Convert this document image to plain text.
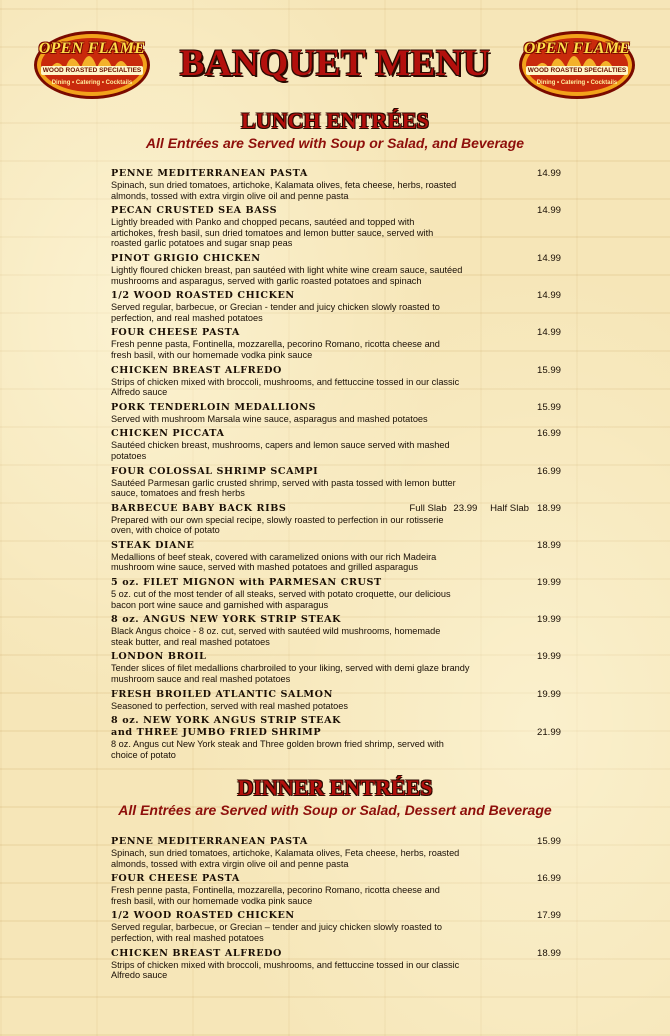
OPEN FLAME
WOOD ROASTED SPECIALTIES
Dining • Catering • Cocktails	BANQUET MENU	OPEN FLAME
WOOD ROASTED SPECIALTIES
Dining • Catering • Cocktails
LUNCH ENTRÉES
All Entrées are Served with Soup or Salad, and Beverage
PENNE MEDITERRANEAN PASTA	14.99
Spinach, sun dried tomatoes, artichoke, Kalamata olives, feta cheese, herbs, roasted almonds, tossed with extra virgin olive oil and penne pasta
PECAN CRUSTED SEA BASS	14.99
Lightly breaded with Panko and chopped pecans, sautéed and topped with artichokes, fresh basil, sun dried tomatoes and lemon butter sauce, served with roasted garlic potatoes and sugar snap peas
PINOT GRIGIO CHICKEN	14.99
Lightly floured chicken breast, pan sautéed with light white wine cream sauce, sautéed mushrooms and asparagus, served with garlic roasted potatoes and spinach
1/2 WOOD ROASTED CHICKEN	14.99
Served regular, barbecue, or Grecian - tender and juicy chicken slowly roasted to perfection, and real mashed potatoes
FOUR CHEESE PASTA	14.99
Fresh penne pasta, Fontinella, mozzarella, pecorino Romano, ricotta cheese and fresh basil, with our homemade vodka pink sauce
CHICKEN BREAST ALFREDO	15.99
Strips of chicken mixed with broccoli, mushrooms, and fettuccine tossed in our classic Alfredo sauce
PORK TENDERLOIN MEDALLIONS	15.99
Served with mushroom Marsala wine sauce, asparagus and mashed potatoes
CHICKEN PICCATA	16.99
Sautéed chicken breast, mushrooms, capers and lemon sauce served with mashed potatoes
FOUR COLOSSAL SHRIMP SCAMPI	16.99
Sautéed Parmesan garlic crusted shrimp, served with pasta tossed with lemon butter sauce, tomatoes and fresh herbs
BARBECUE BABY BACK RIBS	Full Slab 23.99 Half Slab 18.99
Prepared with our own special recipe, slowly roasted to perfection in our rotisserie oven, with choice of potato
STEAK DIANE	18.99
Medallions of beef steak, covered with caramelized onions with our rich Madeira mushroom wine sauce, served with mashed potatoes and grilled asparagus
5 oz. FILET MIGNON with PARMESAN CRUST	19.99
5 oz. cut of the most tender of all steaks, served with potato croquette, our delicious bacon port wine sauce and garnished with asparagus
8 oz. ANGUS NEW YORK STRIP STEAK	19.99
Black Angus choice - 8 oz. cut, served with sautéed wild mushrooms, homemade steak butter, and real mashed potatoes
LONDON BROIL	19.99
Tender slices of filet medallions charbroiled to your liking, served with demi glaze brandy mushroom sauce and real mashed potatoes
FRESH BROILED ATLANTIC SALMON	19.99
Seasoned to perfection, served with real mashed potatoes
8 oz. NEW YORK ANGUS STRIP STEAK
and THREE JUMBO FRIED SHRIMP	21.99
8 oz. Angus cut New York steak and Three golden brown fried shrimp, served with choice of potato
DINNER ENTRÉES
All Entrées are Served with Soup or Salad, Dessert and Beverage
PENNE MEDITERRANEAN PASTA	15.99
Spinach, sun dried tomatoes, artichoke, Kalamata olives, Feta cheese, herbs, roasted almonds, tossed with extra virgin olive oil and penne pasta
FOUR CHEESE PASTA	16.99
Fresh penne pasta, Fontinella, mozzarella, pecorino Romano, ricotta cheese and fresh basil, with our homemade vodka pink sauce
1/2 WOOD ROASTED CHICKEN	17.99
Served regular, barbecue, or Grecian – tender and juicy chicken slowly roasted to perfection, with real mashed potatoes
CHICKEN BREAST ALFREDO	18.99
Strips of chicken mixed with broccoli, mushrooms, and fettuccine tossed in our classic Alfredo sauce
